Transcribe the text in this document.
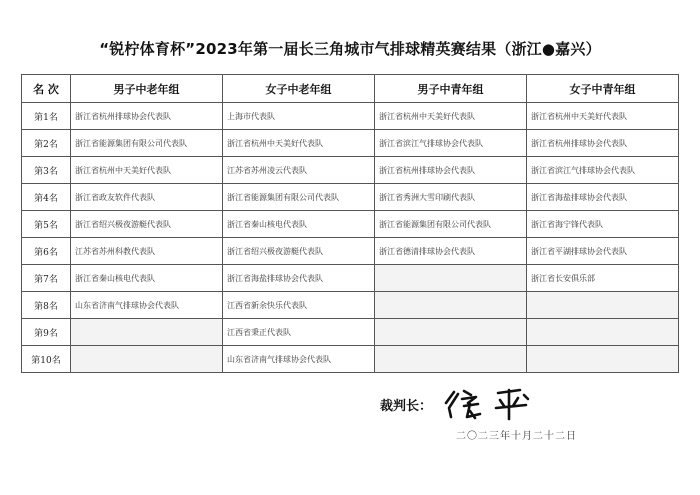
“锐柠体育杯”2023年第一届长三角城市气排球精英赛结果（浙江●嘉兴）
名 次	男子中老年组	女子中老年组	男子中青年组	女子中青年组
第1名	浙江省杭州排球协会代表队	上海市代表队	浙江省杭州中天美好代表队	浙江省杭州中天美好代表队
第2名	浙江省能源集团有限公司代表队	浙江省杭州中天美好代表队	浙江省滨江气排球协会代表队	浙江省杭州排球协会代表队
第3名	浙江省杭州中天美好代表队	江苏省苏州凌云代表队	浙江省杭州排球协会代表队	浙江省滨江气排球协会代表队
第4名	浙江省政友软件代表队	浙江省能源集团有限公司代表队	浙江省秀洲大雪印刷代表队	浙江省海盐排球协会代表队
第5名	浙江省绍兴极夜游艇代表队	浙江省秦山核电代表队	浙江省能源集团有限公司代表队	浙江省海宁锋代表队
第6名	江苏省苏州科教代表队	浙江省绍兴极夜游艇代表队	浙江省德清排球协会代表队	浙江省平湖排球协会代表队
第7名	浙江省秦山核电代表队	浙江省海盐排球协会代表队		浙江省长安俱乐部
第8名	山东省济南气排球协会代表队	江西省新余快乐代表队		
第9名		江西省秉正代表队		
第10名		山东省济南气排球协会代表队		
裁判长：
二〇二三年十月二十二日
